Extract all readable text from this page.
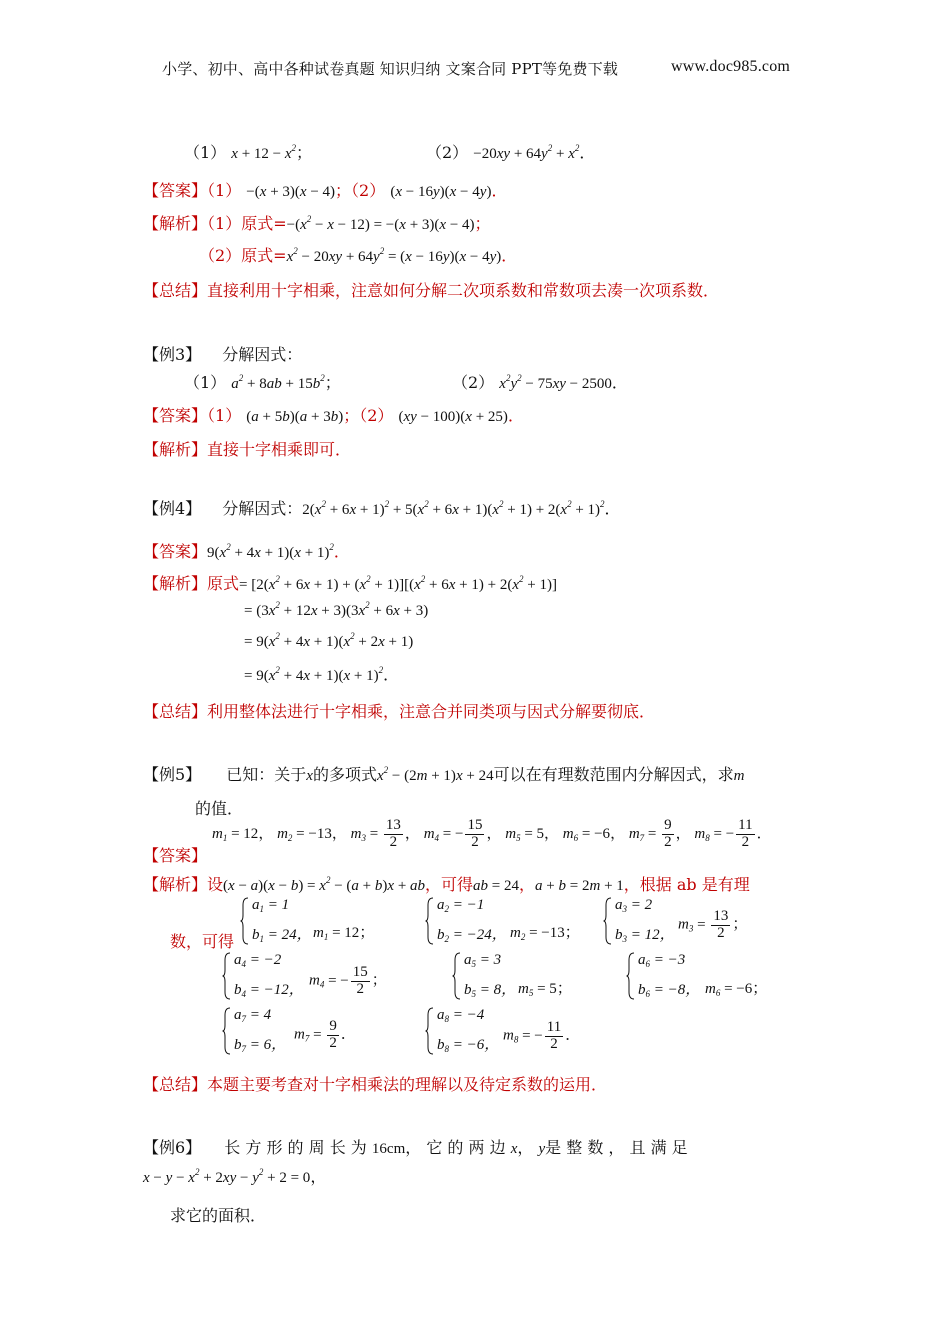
小学、初中、高中各种试卷真题 知识归纳 文案合同 PPT等免费下载	www.doc985.com
（1） $x + 12 - x^2$；	$(2) -20xy + 64y^2 + x^2$．
【答案】（1） −(x + 3)(x − 4)；（2） (x − 16y)(x − 4y)．
【解析】（1）原式$=-(x^2 - x - 12) = -(x + 3)(x - 4)$；
（2）原式$=x^2 - 20xy + 64y^2 = (x - 16y)(x - 4y)$．
【总结】直接利用十字相乘，注意如何分解二次项系数和常数项去凑一次项系数．
【例3】 分解因式：
（1） $a^2 + 8ab + 15b^2$；	（2） $x^2y^2 - 75xy - 2500$．
【答案】（1） (a + 5b)(a + 3b)；（2） (xy − 100)(x + 25)．
【解析】直接十字相乘即可．
【例4】 分解因式：$2(x^2 + 6x + 1)^2 + 5(x^2 + 6x + 1)(x^2 + 1) + 2(x^2 + 1)^2$．
【答案】$9(x^2 + 4x + 1)(x + 1)^2$．
【解析】原式= $[2(x^2 + 6x + 1) + (x^2 + 1)][(x^2 + 6x + 1) + 2(x^2 + 1)]$
= $(3x^2 + 12x + 3)(3x^2 + 6x + 3)$
= $9(x^2 + 4x + 1)(x^2 + 2x + 1)$
= $9(x^2 + 4x + 1)(x + 1)^2$．
【总结】利用整体法进行十字相乘，注意合并同类项与因式分解要彻底．
【例5】 已知：关于x的多项式$x^2 - (2m + 1)x + 24$可以在有理数范围内分解因式，求m
的值．
【答案】
$m_1 = 12$， $m_2 = -13$， $m_3 = \frac{13}{2}$ ， $m_4$ = − $\frac{15}{2}$ ， $m_5 = 5$， $m_6 = -6$， $m_7 = \frac{9}{2}$ ， $m_8$ = − $\frac{11}{2}$ ．
【解析】设$(x - a)(x - b) = x^2 - (a + b)x$ + ab，可得ab = 24，a + b = 2m + 1，根据 ab 是有理
数，可得
$a_1 = 1$
$b_1 = 24$， $m_1 = 12$；
$a_2 = -1$
$b_2 = -24$， $m_2 = -13$；
$a_3 = 2$
$b_3 = 12$，
$m_3 = \frac{13}{2}$ ；
$a_4 = -2$
$b_4 = -12$， $m_4$ = − $\frac{15}{2}$ ；
$a_5 = 3$
$b_5 = 8$， $m_5 = 5$；
$a_6 = -3$
$b_6 = -8$， $m_6 = -6$；
$a_7 = 4$
$b_7 = 6$，
$m_7 = \frac{9}{2}$ ．
$a_8 = -4$
$b_8 = -6$， $m_8$ = − $\frac{11}{2}$ ．
【总结】本题主要考查对十字相乘法的理解以及待定系数的运用．
【例6】 长 方 形 的 周 长 为 16cm， 它 的 两 边 x， y是 整 数 ， 且 满 足
$x - y - x^2 + 2xy - y^2 + 2 = 0$，
求它的面积．
